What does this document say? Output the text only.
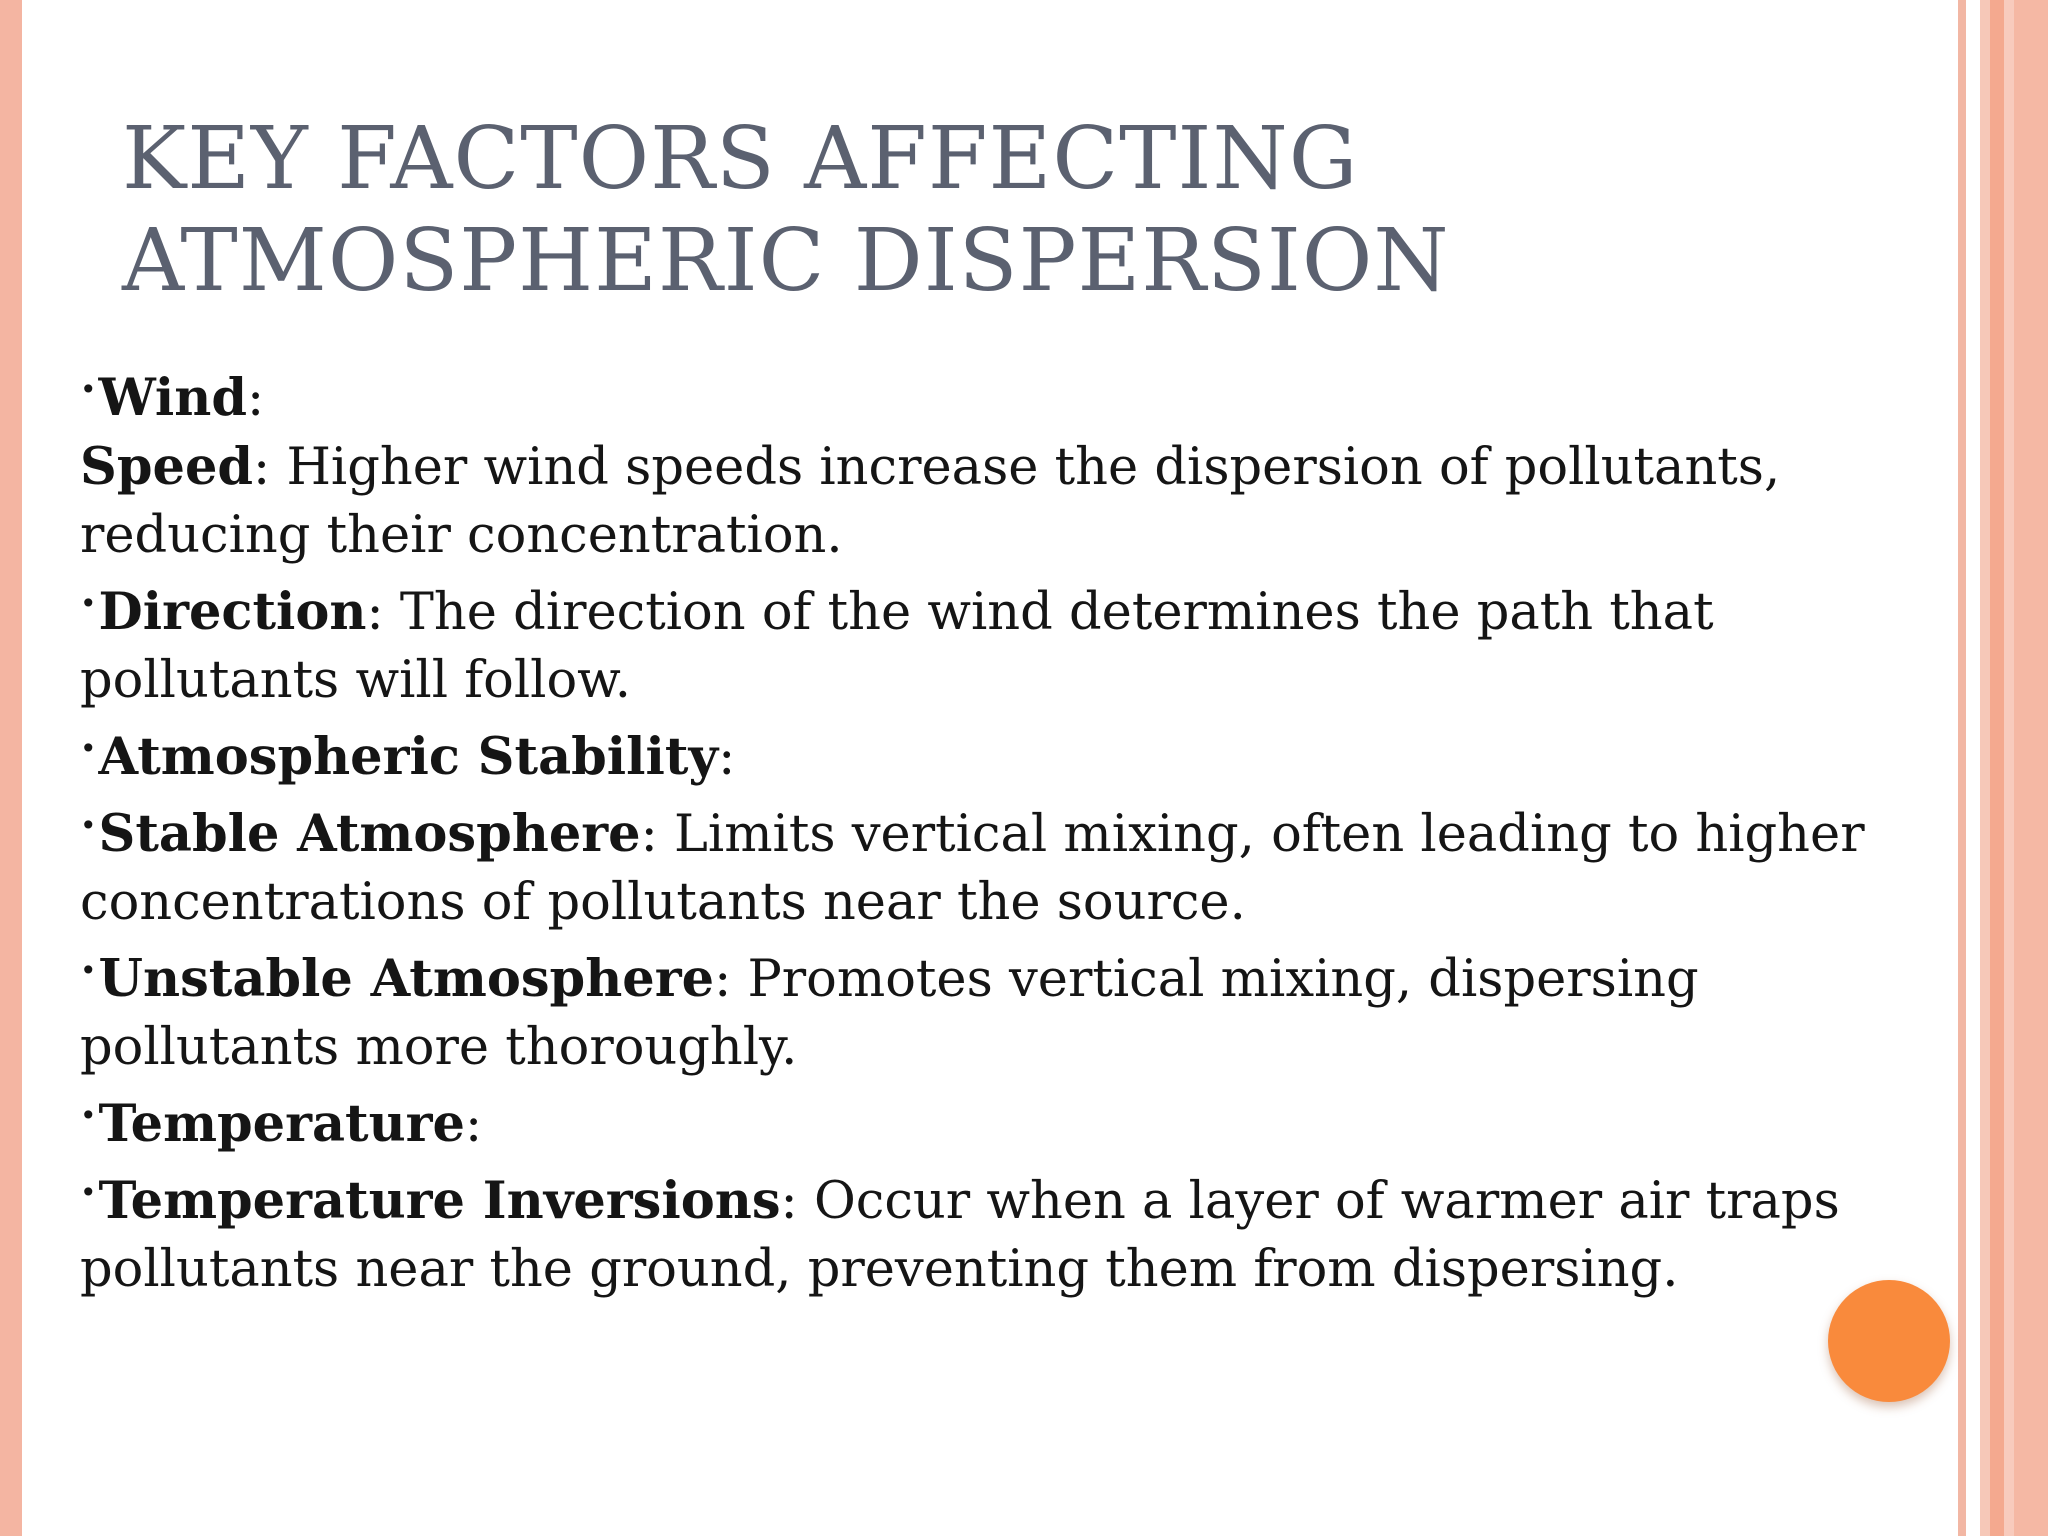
KEY FACTORS AFFECTING
ATMOSPHERIC DISPERSION

•Wind:

Speed: Higher wind speeds increase the dispersion of pollutants, reducing their concentration.

•Direction: The direction of the wind determines the path that pollutants will follow.

•Atmospheric Stability:

•Stable Atmosphere: Limits vertical mixing, often leading to higher concentrations of pollutants near the source.

•Unstable Atmosphere: Promotes vertical mixing, dispersing pollutants more thoroughly.

•Temperature:

•Temperature Inversions: Occur when a layer of warmer air traps pollutants near the ground, preventing them from dispersing.
